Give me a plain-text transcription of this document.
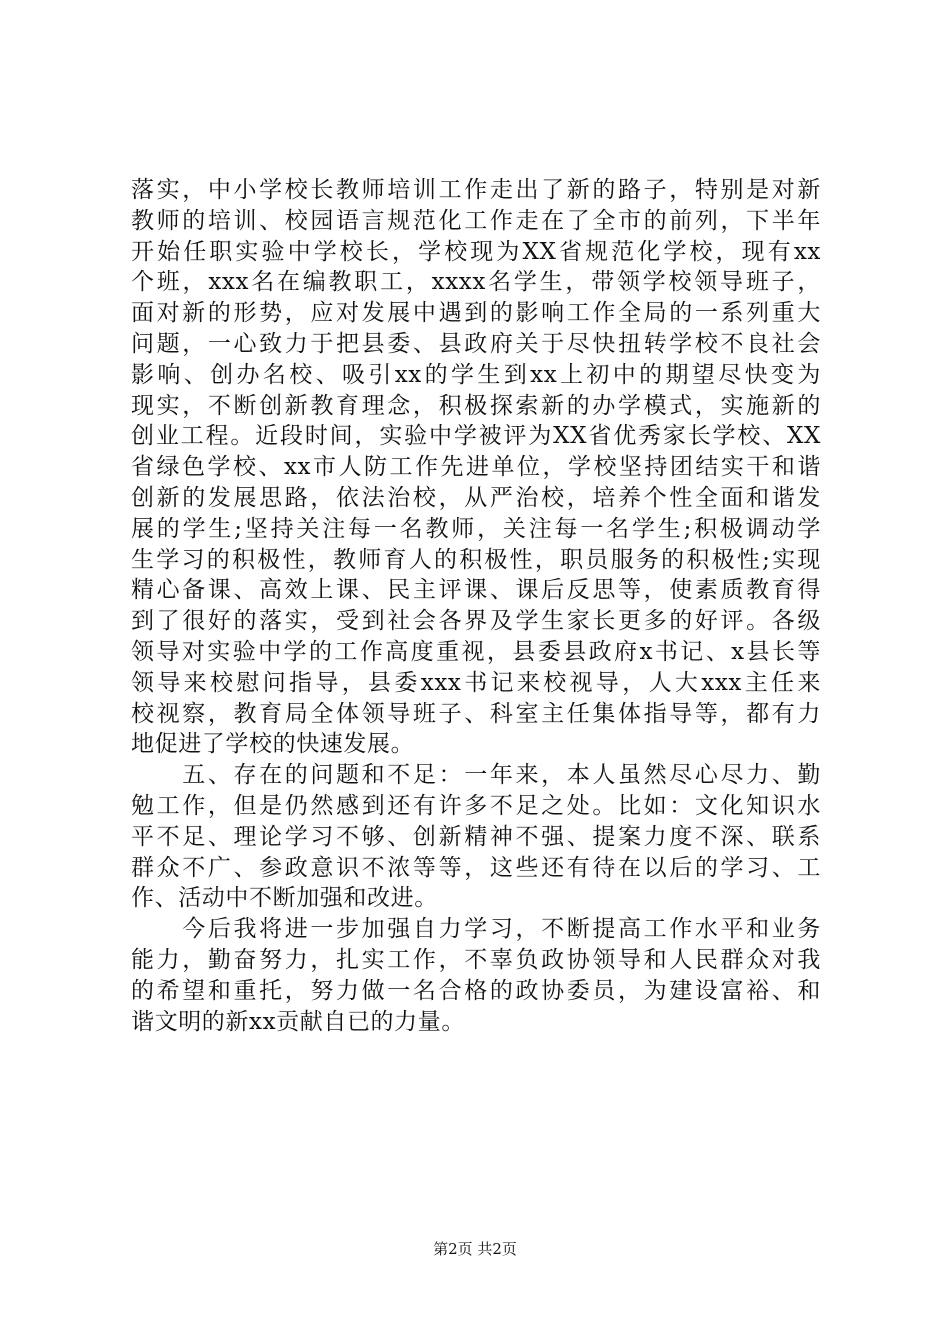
落实，中小学校长教师培训工作走出了新的路子，特别是对新
教师的培训、校园语言规范化工作走在了全市的前列，下半年
开始任职实验中学校长，学校现为XX省规范化学校，现有xx
个班，xxx名在编教职工，xxxx名学生，带领学校领导班子，
面对新的形势，应对发展中遇到的影响工作全局的一系列重大
问题，一心致力于把县委、县政府关于尽快扭转学校不良社会
影响、创办名校、吸引xx的学生到xx上初中的期望尽快变为
现实，不断创新教育理念，积极探索新的办学模式，实施新的
创业工程。近段时间，实验中学被评为XX省优秀家长学校、XX
省绿色学校、xx市人防工作先进单位，学校坚持团结实干和谐
创新的发展思路，依法治校，从严治校，培养个性全面和谐发
展的学生;坚持关注每一名教师，关注每一名学生;积极调动学
生学习的积极性，教师育人的积极性，职员服务的积极性;实现
精心备课、高效上课、民主评课、课后反思等，使素质教育得
到了很好的落实，受到社会各界及学生家长更多的好评。各级
领导对实验中学的工作高度重视，县委县政府x书记、x县长等
领导来校慰问指导，县委xxx书记来校视导，人大xxx主任来
校视察，教育局全体领导班子、科室主任集体指导等，都有力
地促进了学校的快速发展。
　　五、存在的问题和不足：一年来，本人虽然尽心尽力、勤
勉工作，但是仍然感到还有许多不足之处。比如：文化知识水
平不足、理论学习不够、创新精神不强、提案力度不深、联系
群众不广、参政意识不浓等等，这些还有待在以后的学习、工
作、活动中不断加强和改进。
　　今后我将进一步加强自力学习，不断提高工作水平和业务
能力，勤奋努力，扎实工作，不辜负政协领导和人民群众对我
的希望和重托，努力做一名合格的政协委员，为建设富裕、和
谐文明的新xx贡献自已的力量。
第2页 共2页
